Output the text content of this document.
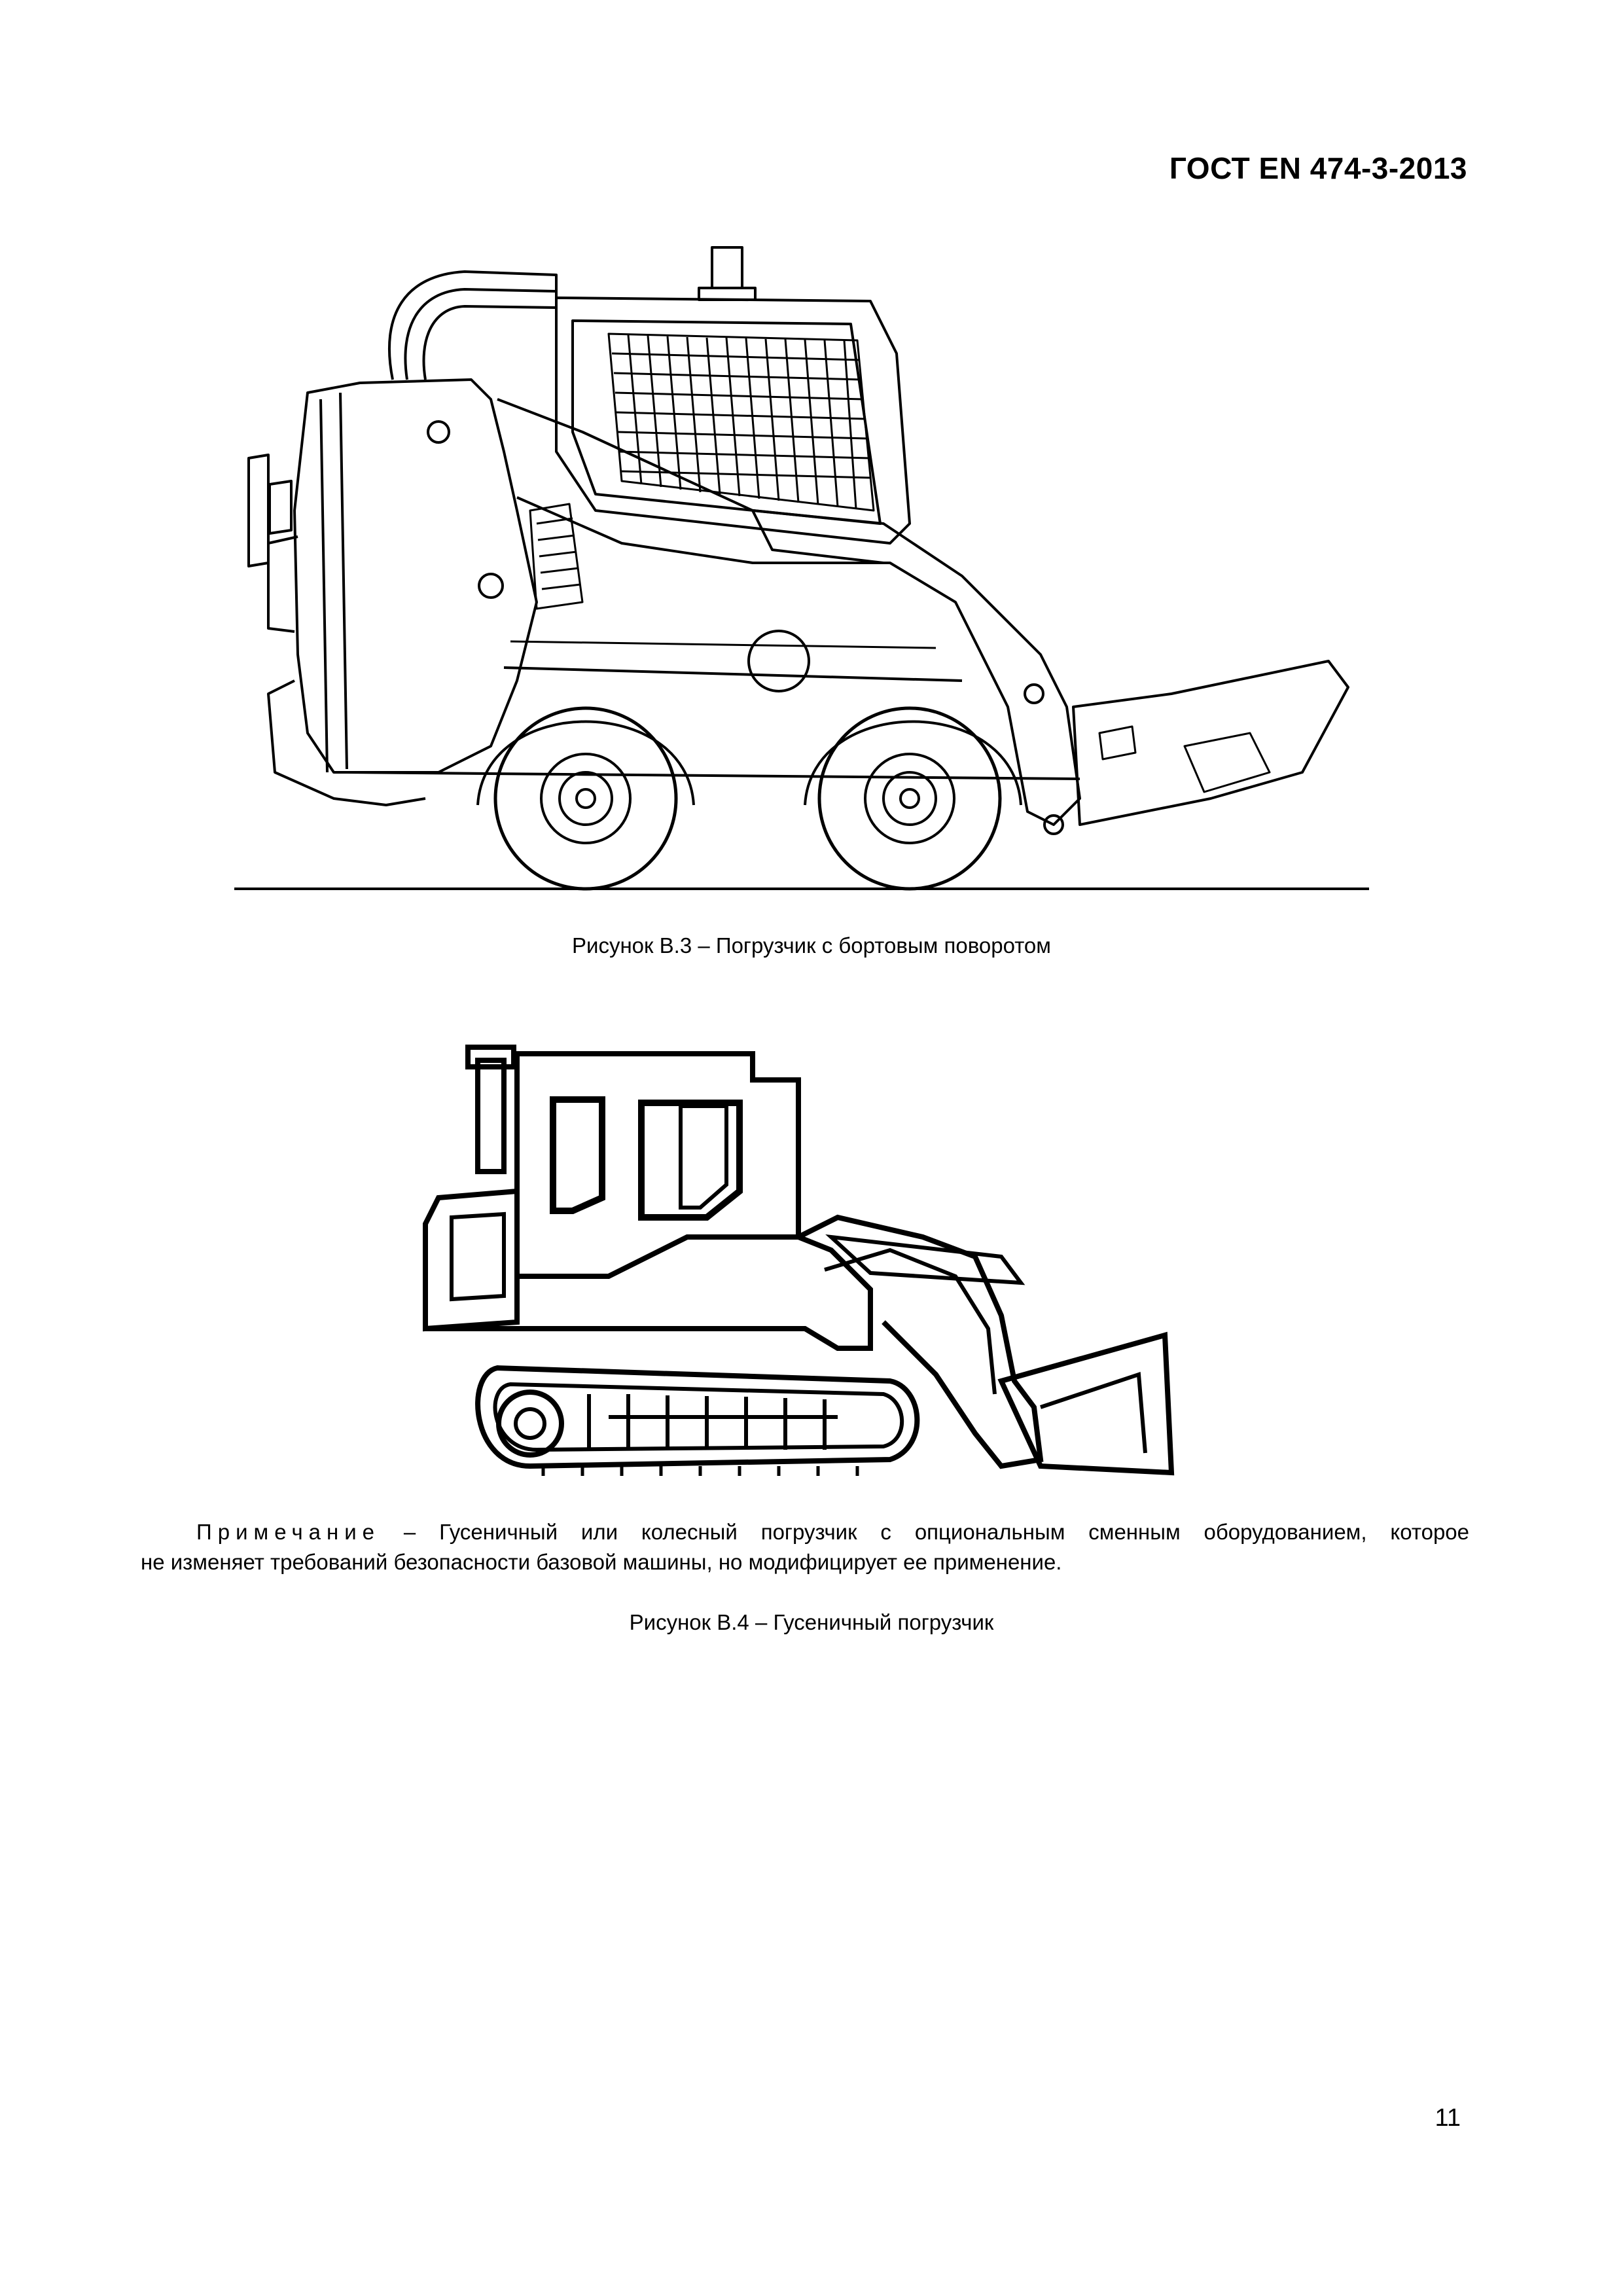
ГОСТ EN 474-3-2013
Рисунок В.3 – Погрузчик с бортовым поворотом
Примечание – Гусеничный или колесный погрузчик с опциональным сменным оборудованием, которое
не изменяет требований безопасности базовой машины, но модифицирует ее применение.
Рисунок В.4 – Гусеничный погрузчик
11
